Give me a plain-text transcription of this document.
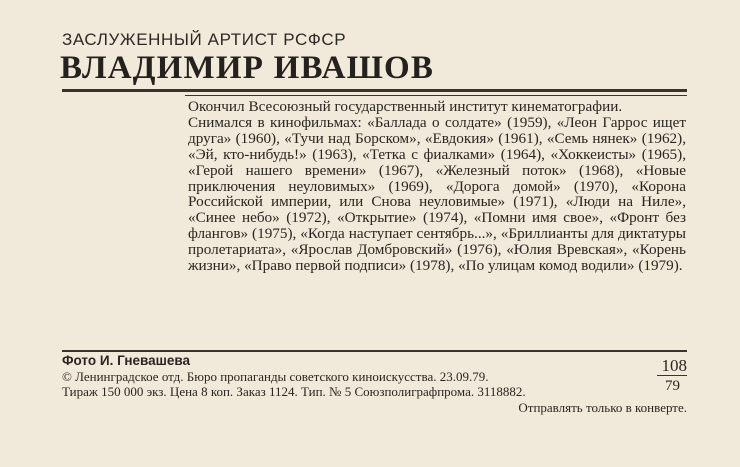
ЗАСЛУЖЕННЫЙ АРТИСТ РСФСР
ВЛАДИМИР ИВАШОВ

Окончил Всесоюзный государственный институт кинематографии.

Снимался в кинофильмах: «Баллада о солдате» (1959), «Леон Гаррос ищет друга» (1960), «Тучи над Борском», «Евдокия» (1961), «Семь нянек» (1962), «Эй, кто-нибудь!» (1963), «Тетка с фиалками» (1964), «Хоккеисты» (1965), «Герой нашего времени» (1967), «Железный поток» (1968), «Новые приключения неуловимых» (1969), «Дорога домой» (1970), «Корона Российской империи, или Снова неуловимые» (1971), «Люди на Ниле», «Синее небо» (1972), «Открытие» (1974), «Помни имя свое», «Фронт без флангов» (1975), «Когда наступает сентябрь...», «Бриллианты для диктатуры пролетариата», «Ярослав Домбровский» (1976), «Юлия Вревская», «Корень жизни», «Право первой подписи» (1978), «По улицам комод водили» (1979).

Фото И. Гневашева
© Ленинградское отд. Бюро пропаганды советского киноискусства. 23.09.79.
Тираж 150 000 экз. Цена 8 коп. Заказ 1124. Тип. № 5 Союзполиграфпрома. 3118882.
Отправлять только в конверте.
108
79
